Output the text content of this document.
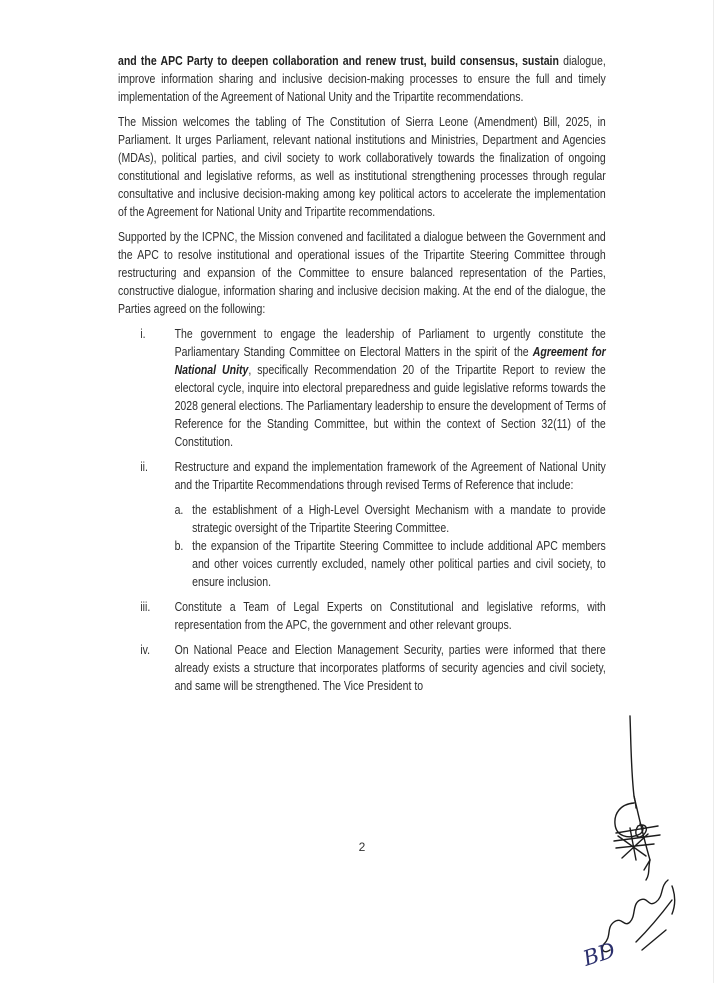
and the APC Party to deepen collaboration and renew trust, build consensus, sustain dialogue, improve information sharing and inclusive decision-making processes to ensure the full and timely implementation of the Agreement of National Unity and the Tripartite recommendations.

The Mission welcomes the tabling of The Constitution of Sierra Leone (Amendment) Bill, 2025, in Parliament. It urges Parliament, relevant national institutions and Ministries, Department and Agencies (MDAs), political parties, and civil society to work collaboratively towards the finalization of ongoing constitutional and legislative reforms, as well as institutional strengthening processes through regular consultative and inclusive decision-making among key political actors to accelerate the implementation of the Agreement for National Unity and Tripartite recommendations.

Supported by the ICPNC, the Mission convened and facilitated a dialogue between the Government and the APC to resolve institutional and operational issues of the Tripartite Steering Committee through restructuring and expansion of the Committee to ensure balanced representation of the Parties, constructive dialogue, information sharing and inclusive decision making. At the end of the dialogue, the Parties agreed on the following:

i.	The government to engage the leadership of Parliament to urgently constitute the Parliamentary Standing Committee on Electoral Matters in the spirit of the Agreement for National Unity, specifically Recommendation 20 of the Tripartite Report to review the electoral cycle, inquire into electoral preparedness and guide legislative reforms towards the 2028 general elections. The Parliamentary leadership to ensure the development of Terms of Reference for the Standing Committee, but within the context of Section 32(11) of the Constitution.
ii.	Restructure and expand the implementation framework of the Agreement of National Unity and the Tripartite Recommendations through revised Terms of Reference that include:
a. the establishment of a High-Level Oversight Mechanism with a mandate to provide strategic oversight of the Tripartite Steering Committee.
b. the expansion of the Tripartite Steering Committee to include additional APC members and other voices currently excluded, namely other political parties and civil society, to ensure inclusion.
iii.	Constitute a Team of Legal Experts on Constitutional and legislative reforms, with representation from the APC, the government and other relevant groups.
iv.	On National Peace and Election Management Security, parties were informed that there already exists a structure that incorporates platforms of security agencies and civil society, and same will be strengthened. The Vice President to
2
BD
